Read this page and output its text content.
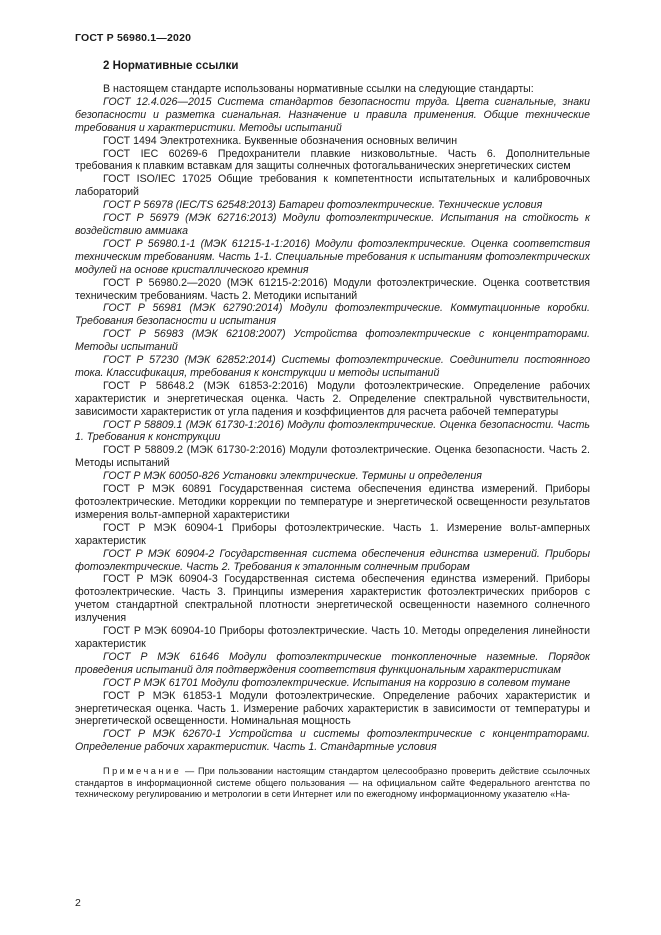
ГОСТ Р 56980.1—2020
2 Нормативные ссылки

В настоящем стандарте использованы нормативные ссылки на следующие стандарты:

ГОСТ 12.4.026—2015 Система стандартов безопасности труда. Цвета сигнальные, знаки безопасности и разметка сигнальная. Назначение и правила применения. Общие технические требования и характеристики. Методы испытаний

ГОСТ 1494 Электротехника. Буквенные обозначения основных величин

ГОСТ IEC 60269-6 Предохранители плавкие низковольтные. Часть 6. Дополнительные требования к плавким вставкам для защиты солнечных фотогальванических энергетических систем

ГОСТ ISO/IEC 17025 Общие требования к компетентности испытательных и калибровочных лабораторий

ГОСТ Р 56978 (IEC/TS 62548:2013) Батареи фотоэлектрические. Технические условия

ГОСТ Р 56979 (МЭК 62716:2013) Модули фотоэлектрические. Испытания на стойкость к воздействию аммиака

ГОСТ Р 56980.1-1 (МЭК 61215-1-1:2016) Модули фотоэлектрические. Оценка соответствия техническим требованиям. Часть 1-1. Специальные требования к испытаниям фотоэлектрических модулей на основе кристаллического кремния

ГОСТ Р 56980.2—2020 (МЭК 61215-2:2016) Модули фотоэлектрические. Оценка соответствия техническим требованиям. Часть 2. Методики испытаний

ГОСТ Р 56981 (МЭК 62790:2014) Модули фотоэлектрические. Коммутационные коробки. Требования безопасности и испытания

ГОСТ Р 56983 (МЭК 62108:2007) Устройства фотоэлектрические с концентраторами. Методы испытаний

ГОСТ Р 57230 (МЭК 62852:2014) Системы фотоэлектрические. Соединители постоянного тока. Классификация, требования к конструкции и методы испытаний

ГОСТ Р 58648.2 (МЭК 61853-2:2016) Модули фотоэлектрические. Определение рабочих характеристик и энергетическая оценка. Часть 2. Определение спектральной чувствительности, зависимости характеристик от угла падения и коэффициентов для расчета рабочей температуры

ГОСТ Р 58809.1 (МЭК 61730-1:2016) Модули фотоэлектрические. Оценка безопасности. Часть 1. Требования к конструкции

ГОСТ Р 58809.2 (МЭК 61730-2:2016) Модули фотоэлектрические. Оценка безопасности. Часть 2. Методы испытаний

ГОСТ Р МЭК 60050-826 Установки электрические. Термины и определения

ГОСТ Р МЭК 60891 Государственная система обеспечения единства измерений. Приборы фотоэлектрические. Методики коррекции по температуре и энергетической освещенности результатов измерения вольт-амперной характеристики

ГОСТ Р МЭК 60904-1 Приборы фотоэлектрические. Часть 1. Измерение вольт-амперных характеристик

ГОСТ Р МЭК 60904-2 Государственная система обеспечения единства измерений. Приборы фотоэлектрические. Часть 2. Требования к эталонным солнечным приборам

ГОСТ Р МЭК 60904-3 Государственная система обеспечения единства измерений. Приборы фотоэлектрические. Часть 3. Принципы измерения характеристик фотоэлектрических приборов с учетом стандартной спектральной плотности энергетической освещенности наземного солнечного излучения

ГОСТ Р МЭК 60904-10 Приборы фотоэлектрические. Часть 10. Методы определения линейности характеристик

ГОСТ Р МЭК 61646 Модули фотоэлектрические тонкопленочные наземные. Порядок проведения испытаний для подтверждения соответствия функциональным характеристикам

ГОСТ Р МЭК 61701 Модули фотоэлектрические. Испытания на коррозию в солевом тумане

ГОСТ Р МЭК 61853-1 Модули фотоэлектрические. Определение рабочих характеристик и энергетическая оценка. Часть 1. Измерение рабочих характеристик в зависимости от температуры и энергетической освещенности. Номинальная мощность

ГОСТ Р МЭК 62670-1 Устройства и системы фотоэлектрические с концентраторами. Определение рабочих характеристик. Часть 1. Стандартные условия

Примечание — При пользовании настоящим стандартом целесообразно проверить действие ссылочных стандартов в информационной системе общего пользования — на официальном сайте Федерального агентства по техническому регулированию и метрологии в сети Интернет или по ежегодному информационному указателю «На-
2
